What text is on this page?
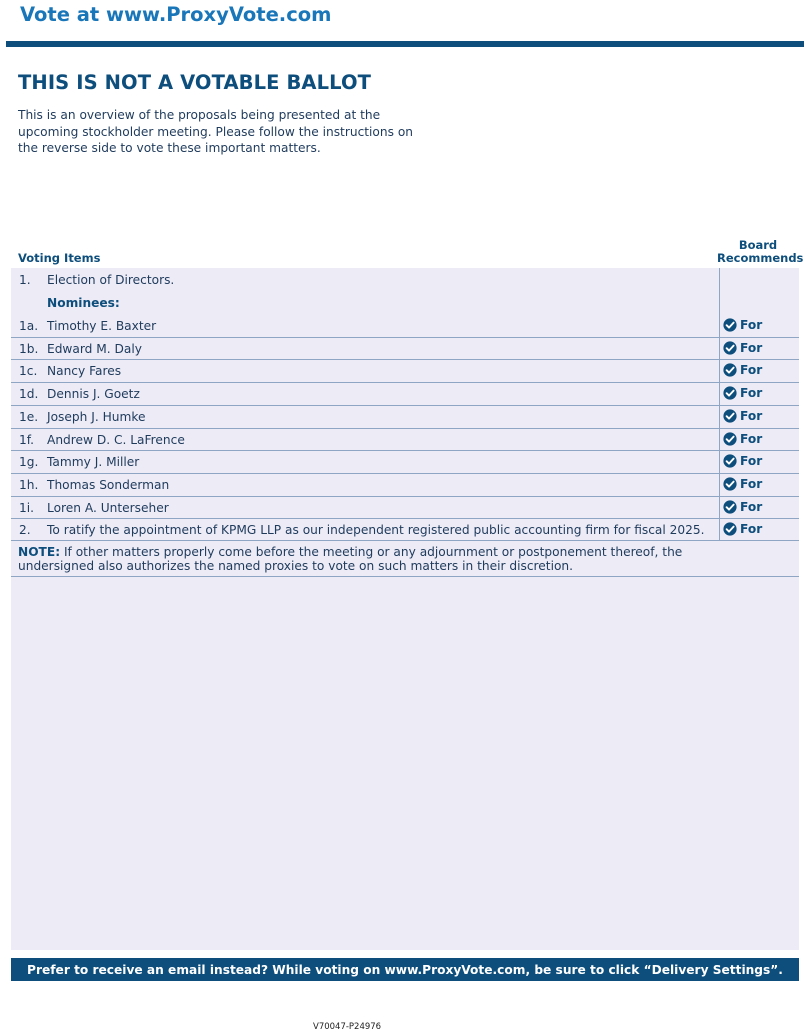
Vote at www.ProxyVote.com
THIS IS NOT A VOTABLE BALLOT
This is an overview of the proposals being presented at the
upcoming stockholder meeting. Please follow the instructions on
the reverse side to vote these important matters.
Voting Items
Board
Recommends
1. Election of Directors.
Nominees:
1a. Timothy E. Baxter	For
1b. Edward M. Daly	For
1c. Nancy Fares	For
1d. Dennis J. Goetz	For
1e. Joseph J. Humke	For
1f. Andrew D. C. LaFrence	For
1g. Tammy J. Miller	For
1h. Thomas Sonderman	For
1i. Loren A. Unterseher	For
2. To ratify the appointment of KPMG LLP as our independent registered public accounting firm for fiscal 2025.	For
NOTE: If other matters properly come before the meeting or any adjournment or postponement thereof, the undersigned also authorizes the named proxies to vote on such matters in their discretion.
Prefer to receive an email instead? While voting on www.ProxyVote.com, be sure to click “Delivery Settings”.
V70047-P24976
